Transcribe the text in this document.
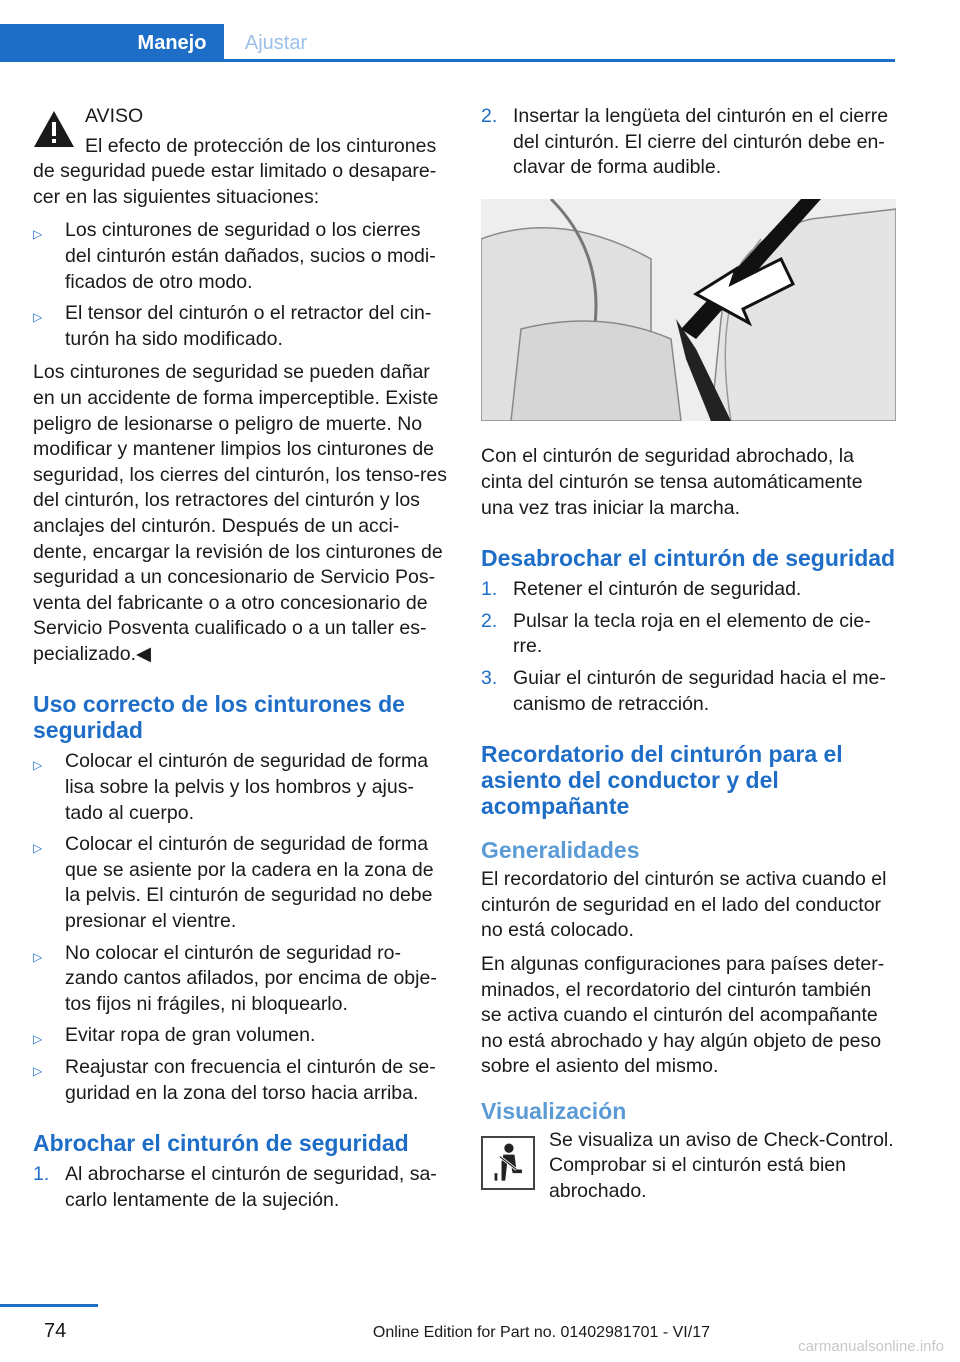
Manejo	Ajustar

AVISO

El efecto de protección de los cinturones de seguridad puede estar limitado o desapare‐cer en las siguientes situaciones:

▷	Los cinturones de seguridad o los cierres del cinturón están dañados, sucios o modi‐ficados de otro modo.
▷	El tensor del cinturón o el retractor del cin‐turón ha sido modificado.

Los cinturones de seguridad se pueden dañar en un accidente de forma imperceptible. Existe peligro de lesionarse o peligro de muerte. No modificar y mantener limpios los cinturones de seguridad, los cierres del cinturón, los tenso‐res del cinturón, los retractores del cinturón y los anclajes del cinturón. Después de un acci‐dente, encargar la revisión de los cinturones de seguridad a un concesionario de Servicio Pos‐venta del fabricante o a otro concesionario de Servicio Posventa cualificado o a un taller es‐pecializado.◀

Uso correcto de los cinturones de seguridad
▷	Colocar el cinturón de seguridad de forma lisa sobre la pelvis y los hombros y ajus‐tado al cuerpo.
▷	Colocar el cinturón de seguridad de forma que se asiente por la cadera en la zona de la pelvis. El cinturón de seguridad no debe presionar el vientre.
▷	No colocar el cinturón de seguridad ro‐zando cantos afilados, por encima de obje‐tos fijos ni frágiles, ni bloquearlo.
▷	Evitar ropa de gran volumen.
▷	Reajustar con frecuencia el cinturón de se‐guridad en la zona del torso hacia arriba.
Abrochar el cinturón de seguridad
1. Al abrocharse el cinturón de seguridad, sa‐carlo lentamente de la sujeción.
2. Insertar la lengüeta del cinturón en el cierre del cinturón. El cierre del cinturón debe en‐clavar de forma audible.

Con el cinturón de seguridad abrochado, la cinta del cinturón se tensa automáticamente una vez tras iniciar la marcha.

Desabrochar el cinturón de seguridad
1. Retener el cinturón de seguridad.
2. Pulsar la tecla roja en el elemento de cie‐rre.
3. Guiar el cinturón de seguridad hacia el me‐canismo de retracción.
Recordatorio del cinturón para el asiento del conductor y del acompañante
Generalidades

El recordatorio del cinturón se activa cuando el cinturón de seguridad en el lado del conductor no está colocado.

En algunas configuraciones para países deter‐minados, el recordatorio del cinturón también se activa cuando el cinturón del acompañante no está abrochado y hay algún objeto de peso sobre el asiento del mismo.

Visualización

Se visualiza un aviso de Check-Control. Comprobar si el cinturón está bien abrochado.

74	Online Edition for Part no. 01402981701 - VI/17
carmanualsonline.info
